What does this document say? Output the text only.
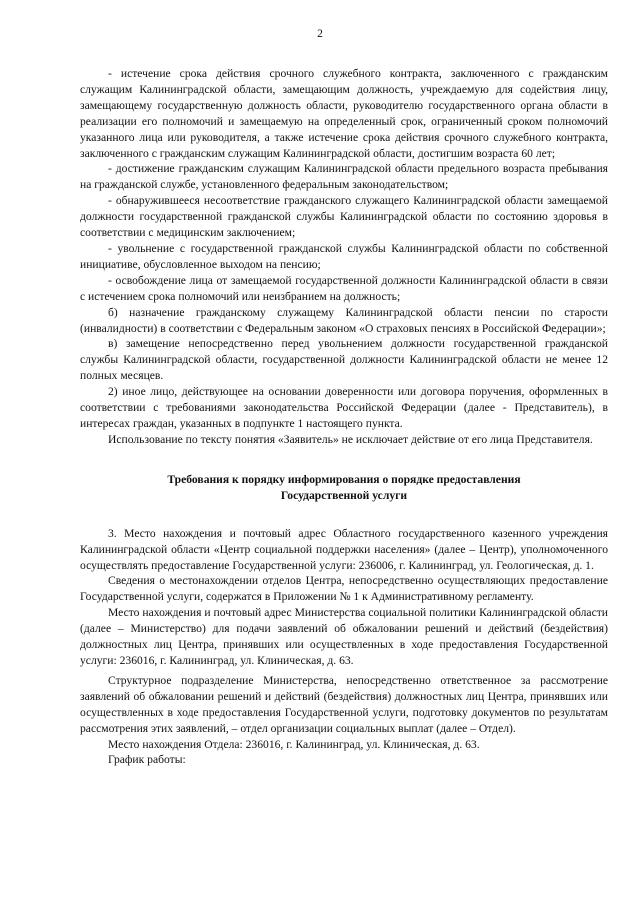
2

- истечение срока действия срочного служебного контракта, заключенного с гражданским служащим Калининградской области, замещающим должность, учреждаемую для содействия лицу, замещающему государственную должность области, руководителю государственного органа области в реализации его полномочий и замещаемую на определенный срок, ограниченный сроком полномочий указанного лица или руководителя, а также истечение срока действия срочного служебного контракта, заключенного с гражданским служащим Калининградской области, достигшим возраста 60 лет;

- достижение гражданским служащим Калининградской области предельного возраста пребывания на гражданской службе, установленного федеральным законодательством;

- обнаружившееся несоответствие гражданского служащего Калининградской области замещаемой должности государственной гражданской службы Калининградской области по состоянию здоровья в соответствии с медицинским заключением;

- увольнение с государственной гражданской службы Калининградской области по собственной инициативе, обусловленное выходом на пенсию;

- освобождение лица от замещаемой государственной должности Калининградской области в связи с истечением срока полномочий или неизбранием на должность;

б) назначение гражданскому служащему Калининградской области пенсии по старости (инвалидности) в соответствии с Федеральным законом «О страховых пенсиях в Российской Федерации»;

в) замещение непосредственно перед увольнением должности государственной гражданской службы Калининградской области, государственной должности Калининградской области не менее 12 полных месяцев.

2) иное лицо, действующее на основании доверенности или договора поручения, оформленных в соответствии с требованиями законодательства Российской Федерации (далее - Представитель), в интересах граждан, указанных в подпункте 1 настоящего пункта.

Использование по тексту понятия «Заявитель» не исключает действие от его лица Представителя.

Требования к порядку информирования о порядке предоставления

Государственной услуги

3. Место нахождения и почтовый адрес Областного государственного казенного учреждения Калининградской области «Центр социальной поддержки населения» (далее – Центр), уполномоченного осуществлять предоставление Государственной услуги: 236006, г. Калининград, ул. Геологическая, д. 1.

Сведения о местонахождении отделов Центра, непосредственно осуществляющих предоставление Государственной услуги, содержатся в Приложении № 1 к Административному регламенту.

Место нахождения и почтовый адрес Министерства социальной политики Калининградской области (далее – Министерство) для подачи заявлений об обжаловании решений и действий (бездействия) должностных лиц Центра, принявших или осуществленных в ходе предоставления Государственной услуги: 236016, г. Калининград, ул. Клиническая, д. 63.

Структурное подразделение Министерства, непосредственно ответственное за рассмотрение заявлений об обжаловании решений и действий (бездействия) должностных лиц Центра, принявших или осуществленных в ходе предоставления Государственной услуги, подготовку документов по результатам рассмотрения этих заявлений, – отдел организации социальных выплат (далее – Отдел).

Место нахождения Отдела: 236016, г. Калининград, ул. Клиническая, д. 63.

График работы:
